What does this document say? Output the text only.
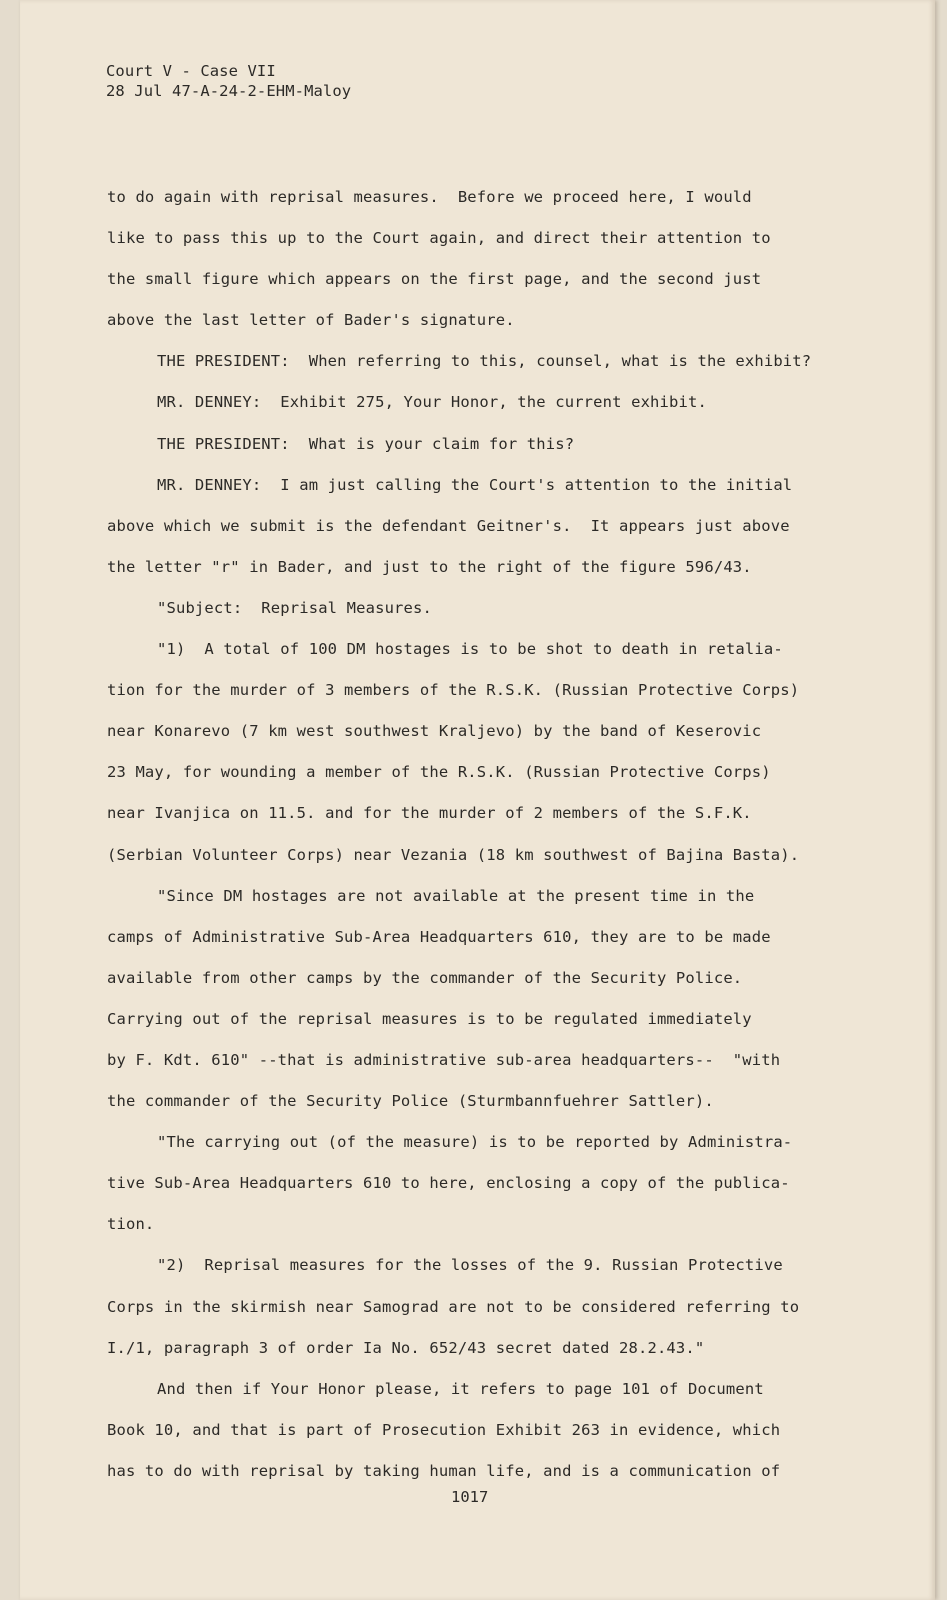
Court V - Case VII
28 Jul 47-A-24-2-EHM-Maloy
to do again with reprisal measures.  Before we proceed here, I would
like to pass this up to the Court again, and direct their attention to
the small figure which appears on the first page, and the second just
above the last letter of Bader's signature.
THE PRESIDENT:  When referring to this, counsel, what is the exhibit?
MR. DENNEY:  Exhibit 275, Your Honor, the current exhibit.
THE PRESIDENT:  What is your claim for this?
MR. DENNEY:  I am just calling the Court's attention to the initial
above which we submit is the defendant Geitner's.  It appears just above
the letter "r" in Bader, and just to the right of the figure 596/43.
"Subject:  Reprisal Measures.
"1)  A total of 100 DM hostages is to be shot to death in retalia-
tion for the murder of 3 members of the R.S.K. (Russian Protective Corps)
near Konarevo (7 km west southwest Kraljevo) by the band of Keserovic
23 May, for wounding a member of the R.S.K. (Russian Protective Corps)
near Ivanjica on 11.5. and for the murder of 2 members of the S.F.K.
(Serbian Volunteer Corps) near Vezania (18 km southwest of Bajina Basta).
"Since DM hostages are not available at the present time in the
camps of Administrative Sub-Area Headquarters 610, they are to be made
available from other camps by the commander of the Security Police.
Carrying out of the reprisal measures is to be regulated immediately
by F. Kdt. 610" --that is administrative sub-area headquarters--  "with
the commander of the Security Police (Sturmbannfuehrer Sattler).
"The carrying out (of the measure) is to be reported by Administra-
tive Sub-Area Headquarters 610 to here, enclosing a copy of the publica-
tion.
"2)  Reprisal measures for the losses of the 9. Russian Protective
Corps in the skirmish near Samograd are not to be considered referring to
I./1, paragraph 3 of order Ia No. 652/43 secret dated 28.2.43."
And then if Your Honor please, it refers to page 101 of Document
Book 10, and that is part of Prosecution Exhibit 263 in evidence, which
has to do with reprisal by taking human life, and is a communication of
1017
